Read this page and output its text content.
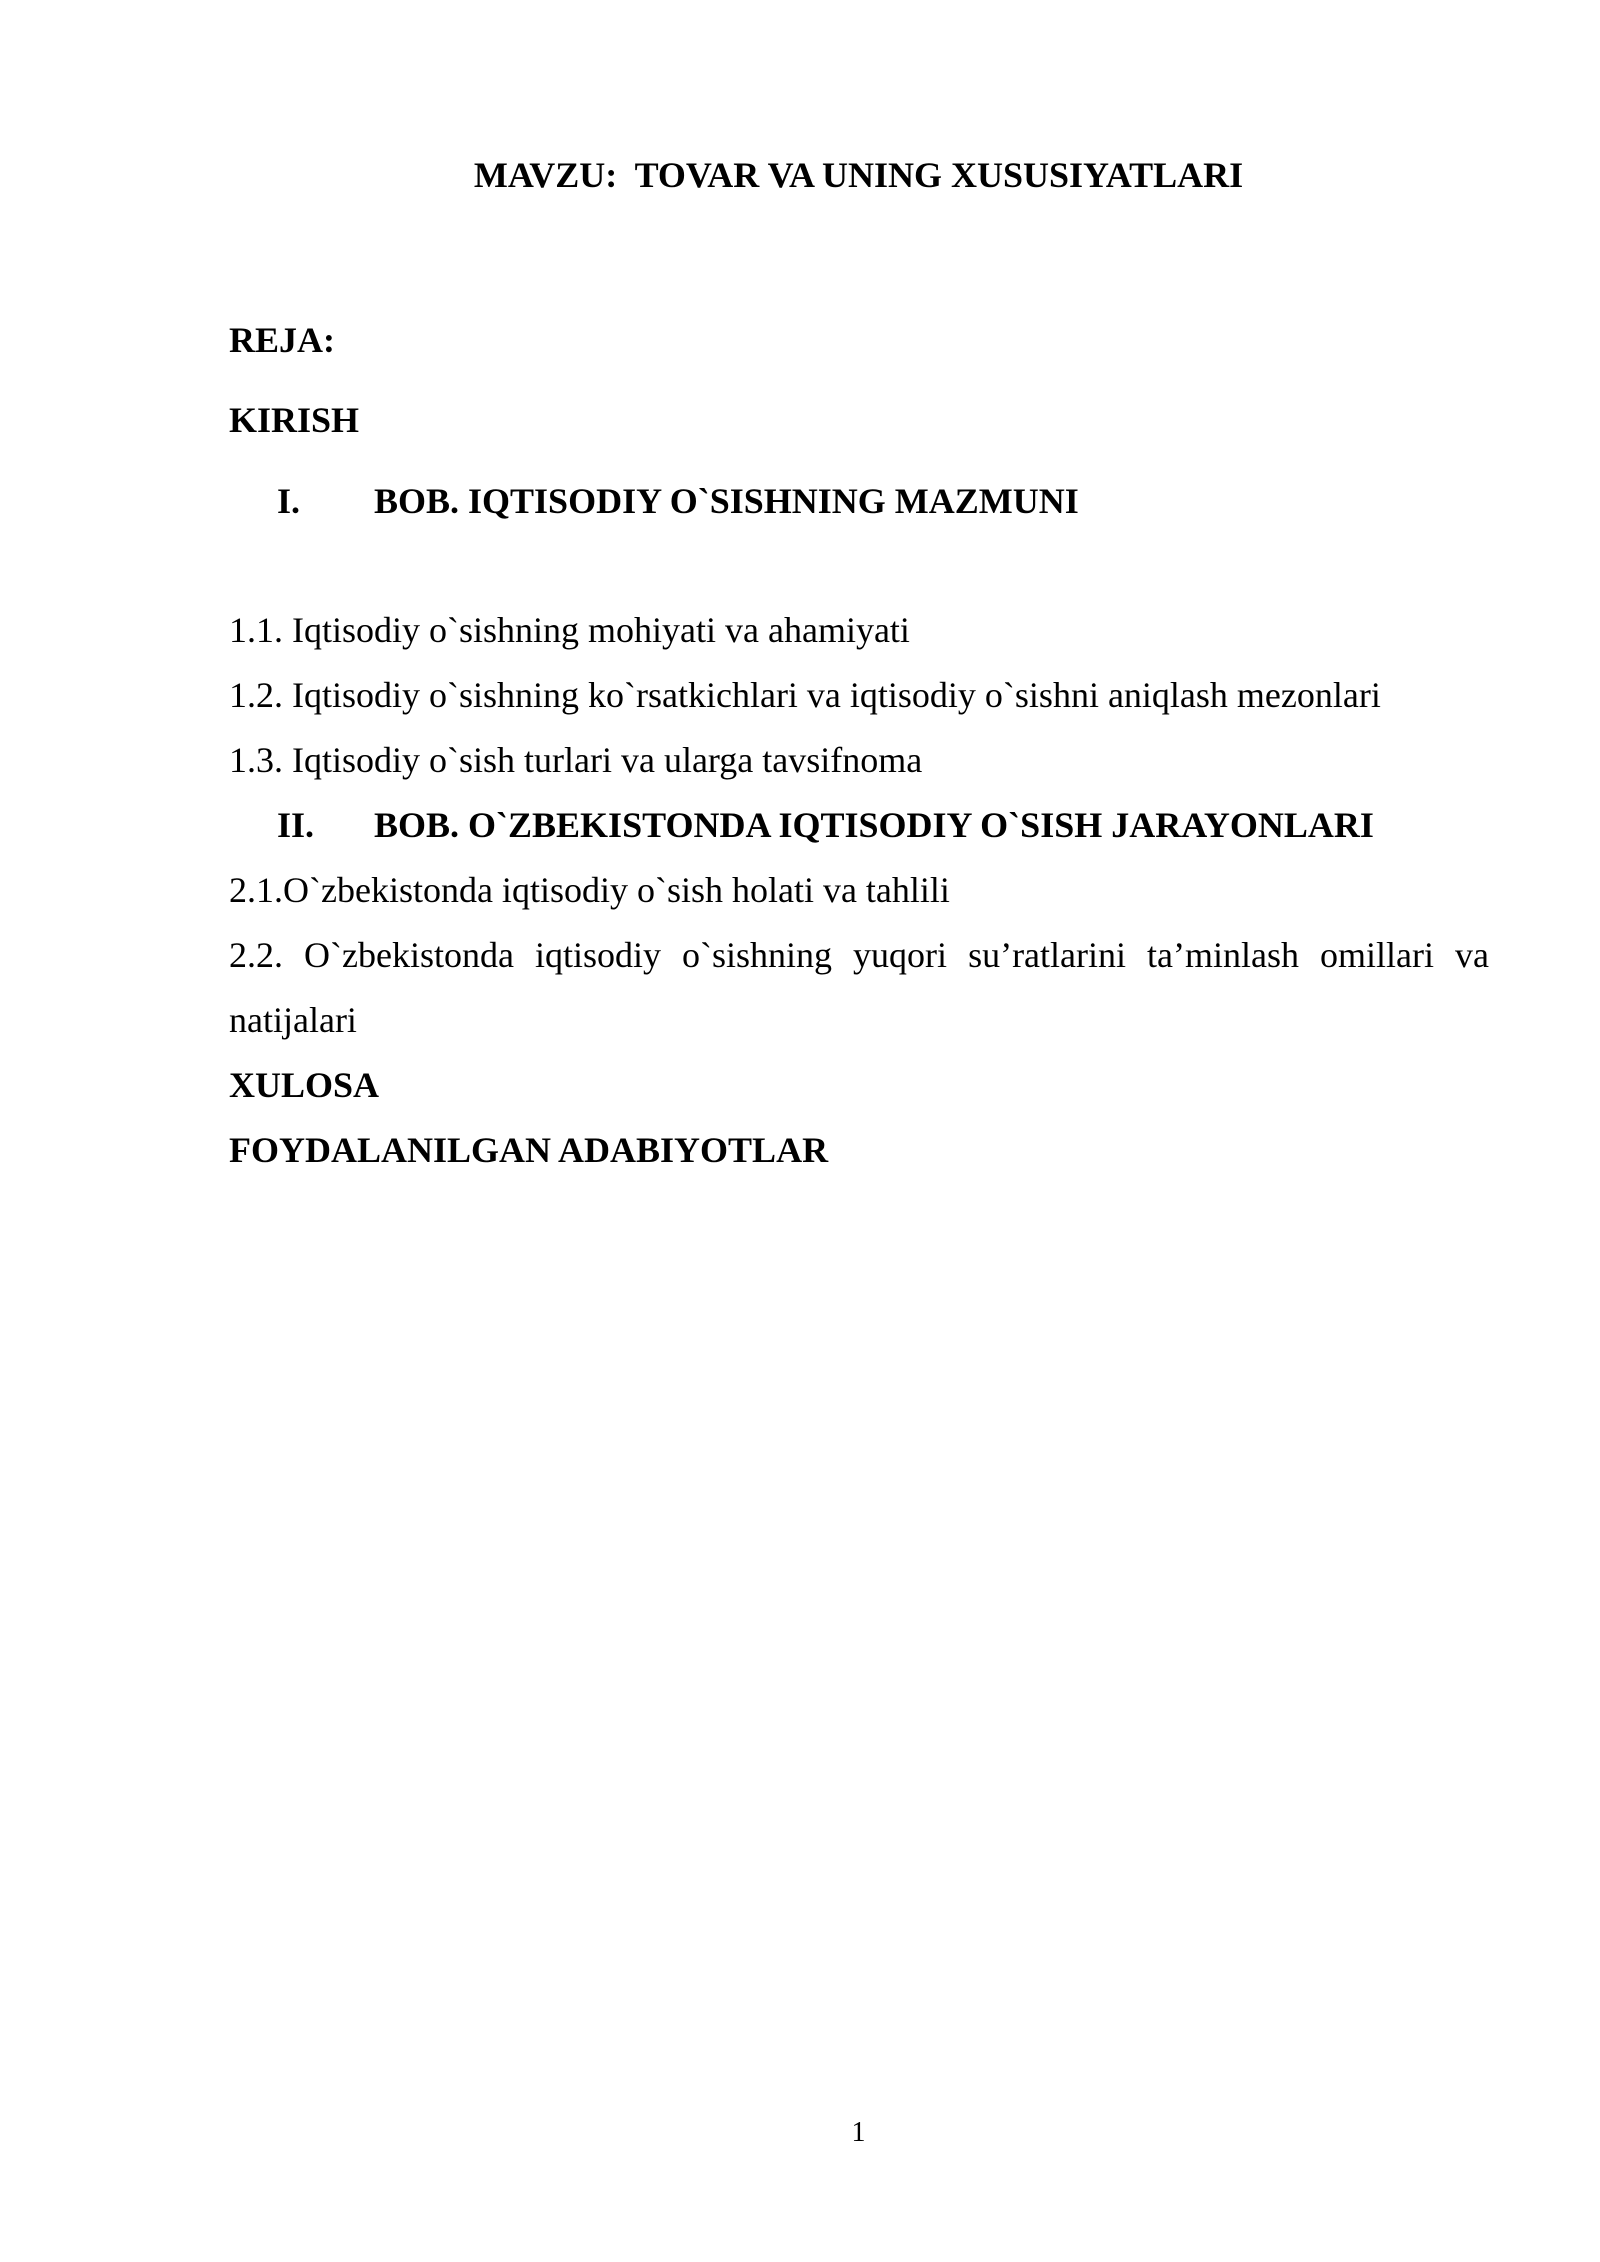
MAVZU:  TOVAR VA UNING XUSUSIYATLARI
REJA:
KIRISH
I. BOB. IQTISODIY O`SISHNING MAZMUNI
1.1. Iqtisodiy o`sishning mohiyati va ahamiyati
1.2. Iqtisodiy o`sishning ko`rsatkichlari va iqtisodiy o`sishni aniqlash mezonlari
1.3. Iqtisodiy o`sish turlari va ularga tavsifnoma
II. BOB. O`ZBEKISTONDA IQTISODIY O`SISH JARAYONLARI
2.1.O`zbekistonda iqtisodiy o`sish holati va tahlili
2.2. O`zbekistonda iqtisodiy o`sishning yuqori su’ratlarini ta’minlash omillari va
natijalari
XULOSA
FOYDALANILGAN ADABIYOTLAR
1
